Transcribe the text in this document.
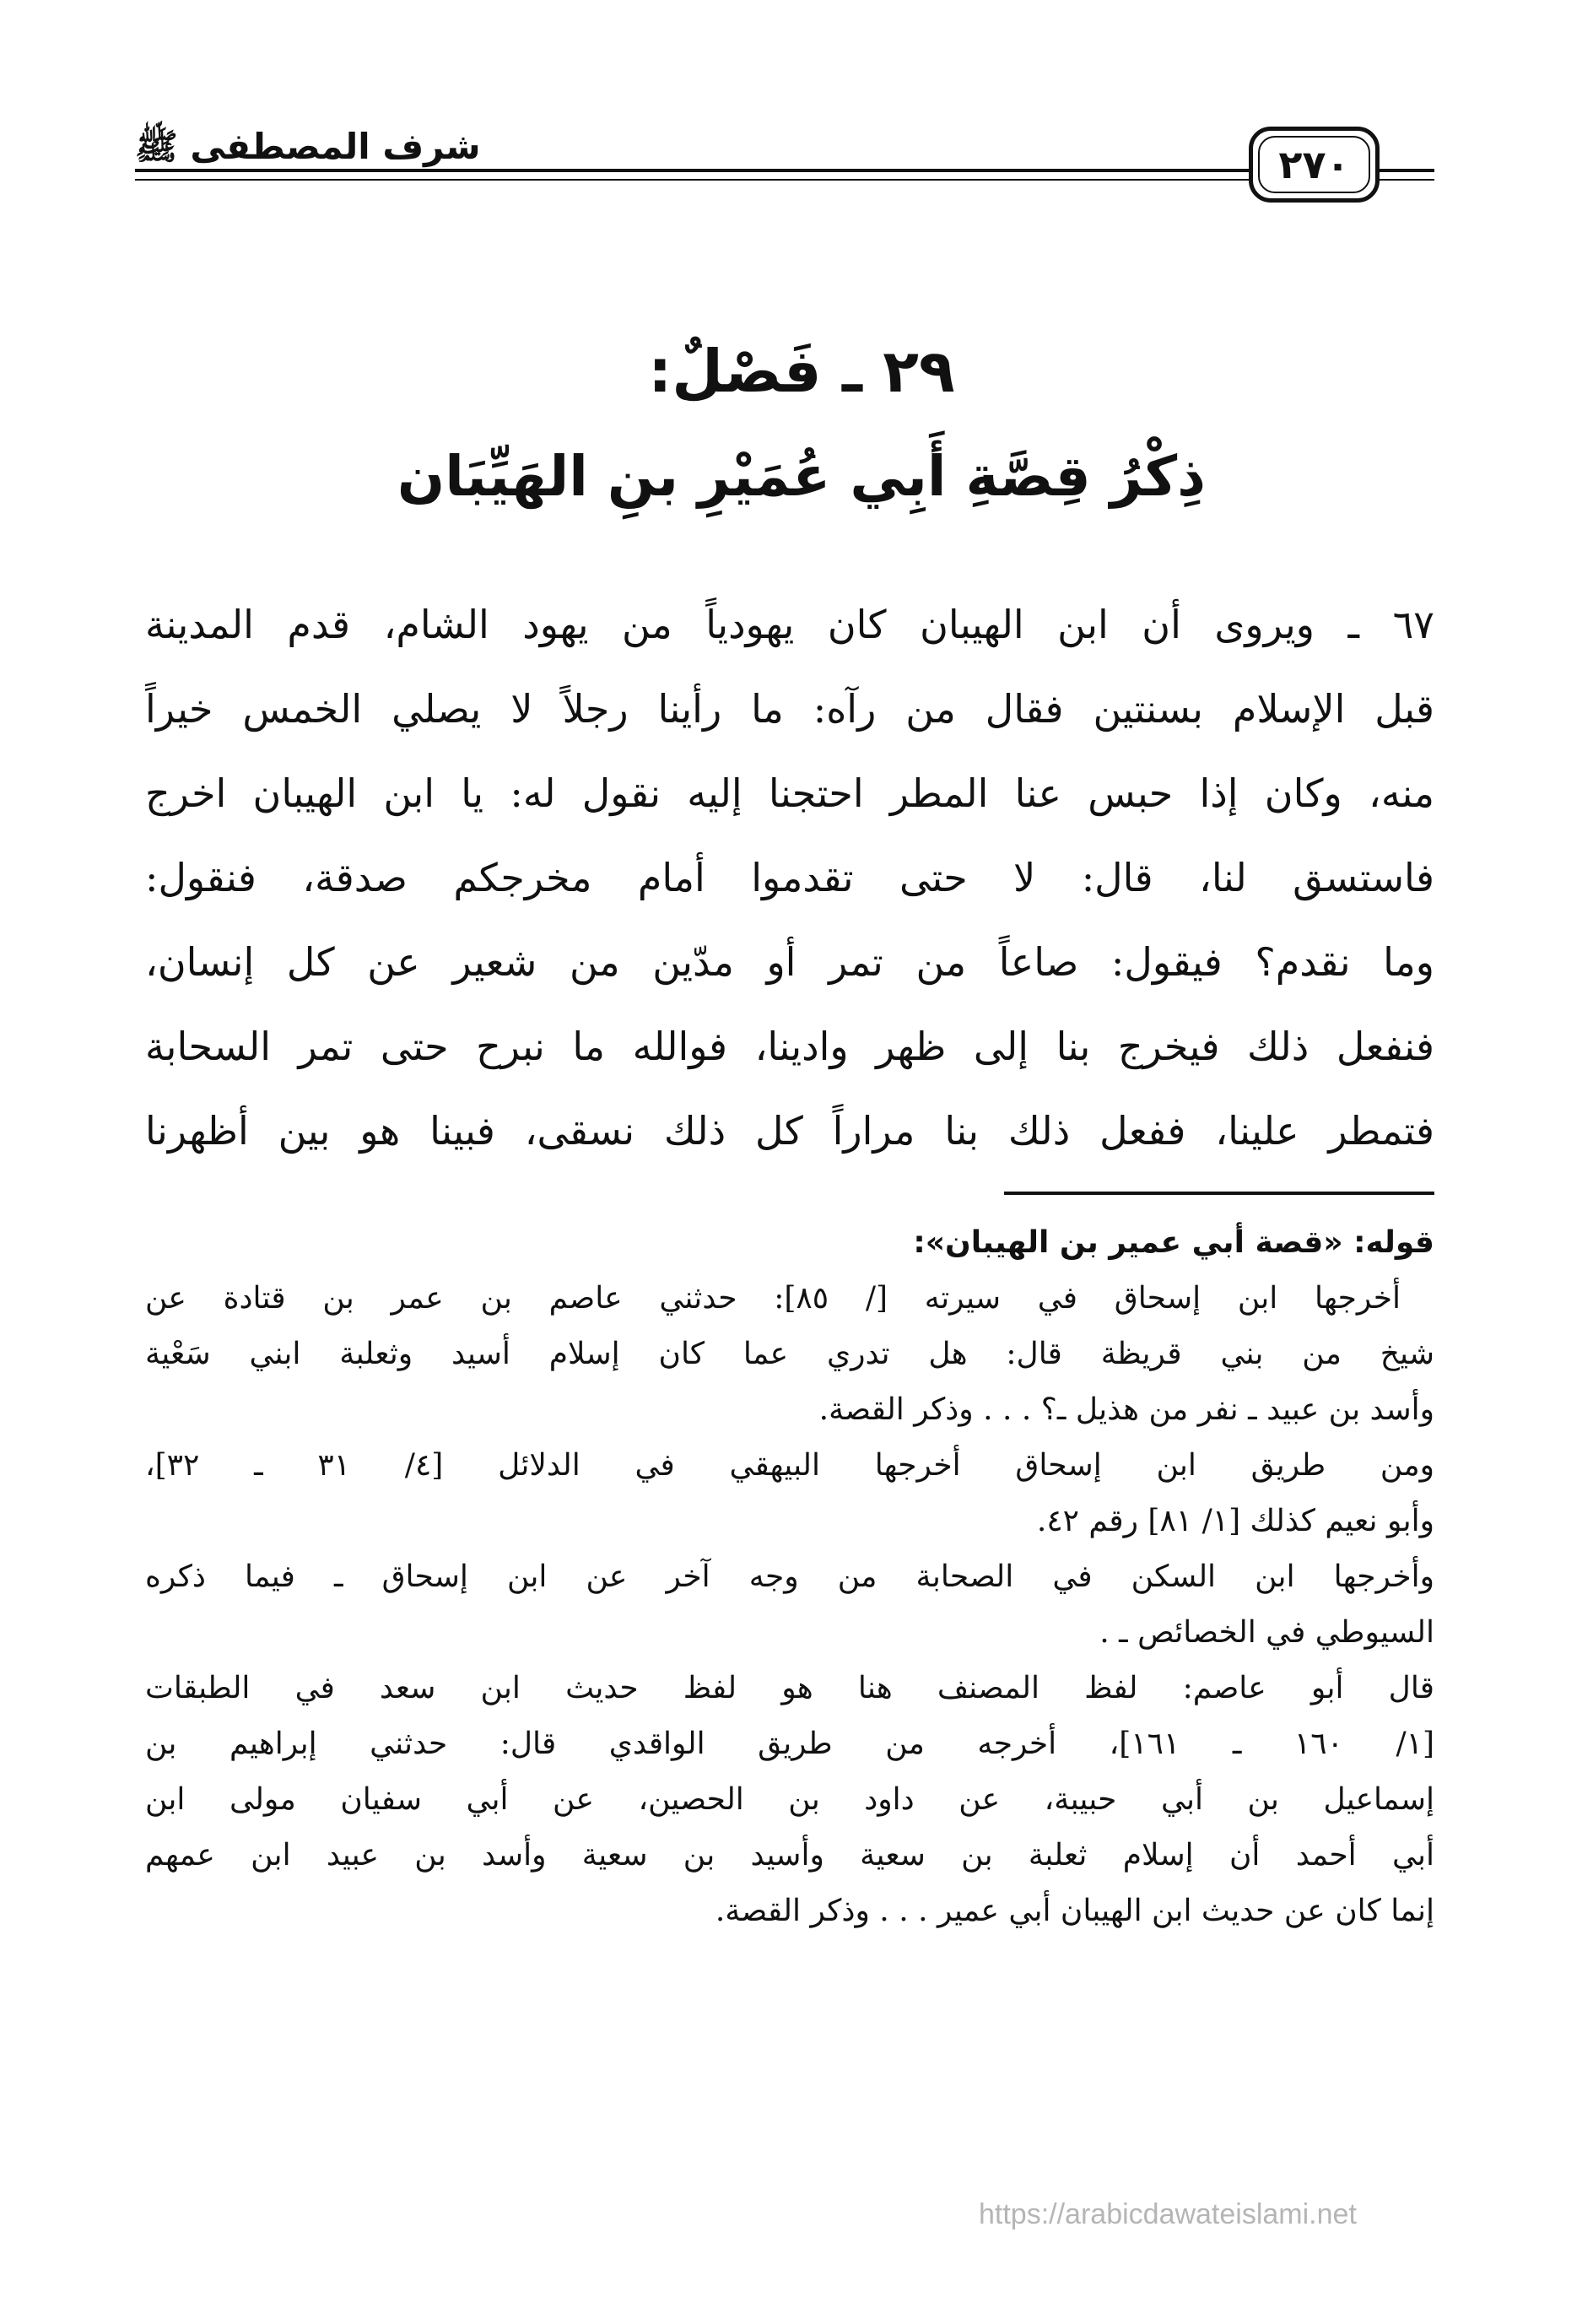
شرف المصطفى ﷺ	٢٧٠
٢٩ ـ فَصْلٌ:
ذِكْرُ قِصَّةِ أَبِي عُمَيْرِ بنِ الهَيِّبَان
٦٧ ـ ويروى أن ابن الهيبان كان يهودياً من يهود الشام، قدم المدينة
قبل الإسلام بسنتين فقال من رآه: ما رأينا رجلاً لا يصلي الخمس خيراً
منه، وكان إذا حبس عنا المطر احتجنا إليه نقول له: يا ابن الهيبان اخرج
فاستسق لنا، قال: لا حتى تقدموا أمام مخرجكم صدقة، فنقول:
وما نقدم؟ فيقول: صاعاً من تمر أو مدّين من شعير عن كل إنسان،
فنفعل ذلك فيخرج بنا إلى ظهر وادينا، فوالله ما نبرح حتى تمر السحابة
فتمطر علينا، ففعل ذلك بنا مراراً كل ذلك نسقى، فبينا هو بين أظهرنا
قوله: «قصة أبي عمير بن الهيبان»:
أخرجها ابن إسحاق في سيرته [/ ٨٥]: حدثني عاصم بن عمر بن قتادة عن
شيخ من بني قريظة قال: هل تدري عما كان إسلام أسيد وثعلبة ابني سَعْية
وأسد بن عبيد ـ نفر من هذيل ـ؟ . . . وذكر القصة.
ومن طريق ابن إسحاق أخرجها البيهقي في الدلائل [٤/ ٣١ ـ ٣٢]،
وأبو نعيم كذلك [١/ ٨١] رقم ٤٢.
وأخرجها ابن السكن في الصحابة من وجه آخر عن ابن إسحاق ـ فيما ذكره
السيوطي في الخصائص ـ .
قال أبو عاصم: لفظ المصنف هنا هو لفظ حديث ابن سعد في الطبقات
[١/ ١٦٠ ـ ١٦١]، أخرجه من طريق الواقدي قال: حدثني إبراهيم بن
إسماعيل بن أبي حبيبة، عن داود بن الحصين، عن أبي سفيان مولى ابن
أبي أحمد أن إسلام ثعلبة بن سعية وأسيد بن سعية وأسد بن عبيد ابن عمهم
إنما كان عن حديث ابن الهيبان أبي عمير . . . وذكر القصة.
https://arabicdawateislami.net
